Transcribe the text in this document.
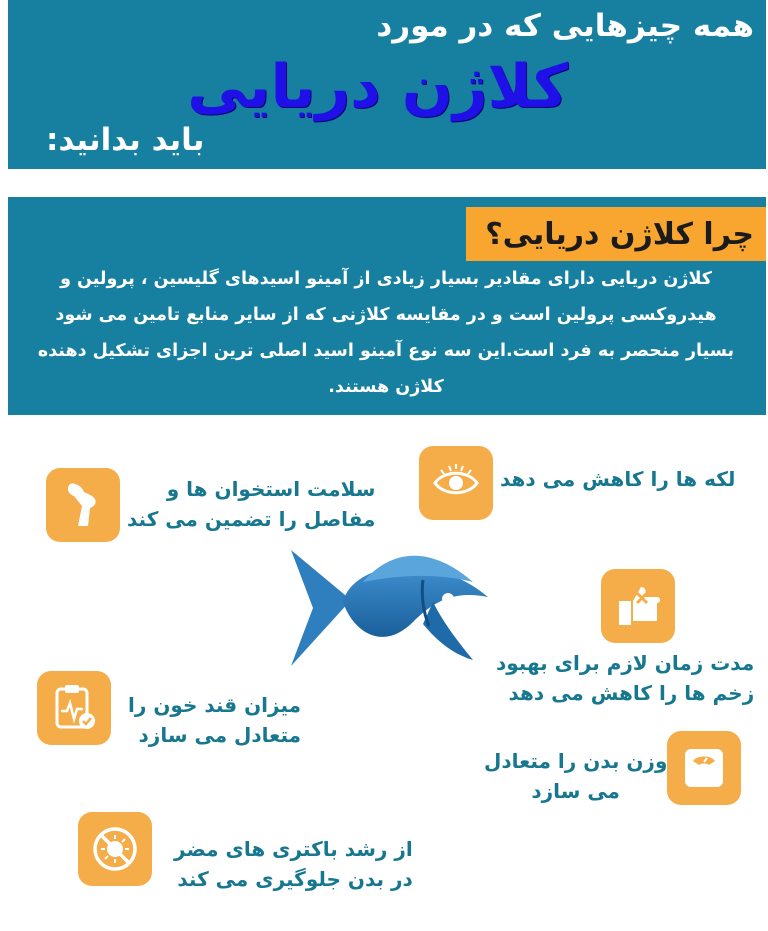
همه چیزهایی که در مورد
کلاژن دریایی
باید بدانید:
چرا کلاژن دریایی؟
کلاژن دریایی دارای مقادیر بسیار زیادی از آمینو اسیدهای گلیسین ، پرولین و هیدروکسی پرولین است و در مقایسه کلاژنی که از سایر منابع تامین می شود بسیار منحصر به فرد است.این سه نوع آمینو اسید اصلی ترین اجزای تشکیل دهنده کلاژن هستند.
لکه ها را کاهش می دهد
سلامت استخوان ها و
مفاصل را تضمین می کند
مدت زمان لازم برای بهبود
زخم ها را کاهش می دهد
میزان قند خون را
متعادل می سازد
وزن بدن را متعادل
می سازد
از رشد باکتری های مضر
در بدن جلوگیری می کند
